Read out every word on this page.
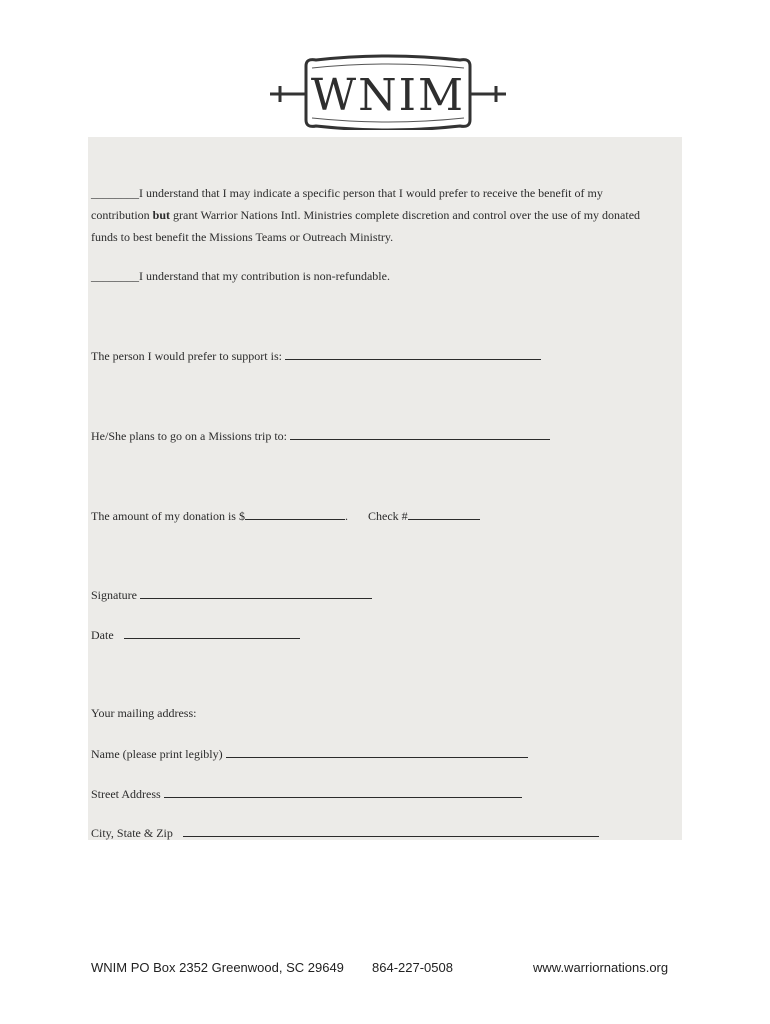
WNIM
________I understand that I may indicate a specific person that I would prefer to receive the benefit of my
contribution but grant Warrior Nations Intl. Ministries complete discretion and control over the use of my donated
funds to best benefit the Missions Teams or Outreach Ministry.
________I understand that my contribution is non-refundable.
The person I would prefer to support is:
He/She plans to go on a Missions trip to:
The amount of my donation is $	. Check #
Signature
Date
Your mailing address:
Name (please print legibly)
Street Address
City, State & Zip
WNIM PO Box 2352 Greenwood, SC 29649 864-227-0508	www.warriornations.org
